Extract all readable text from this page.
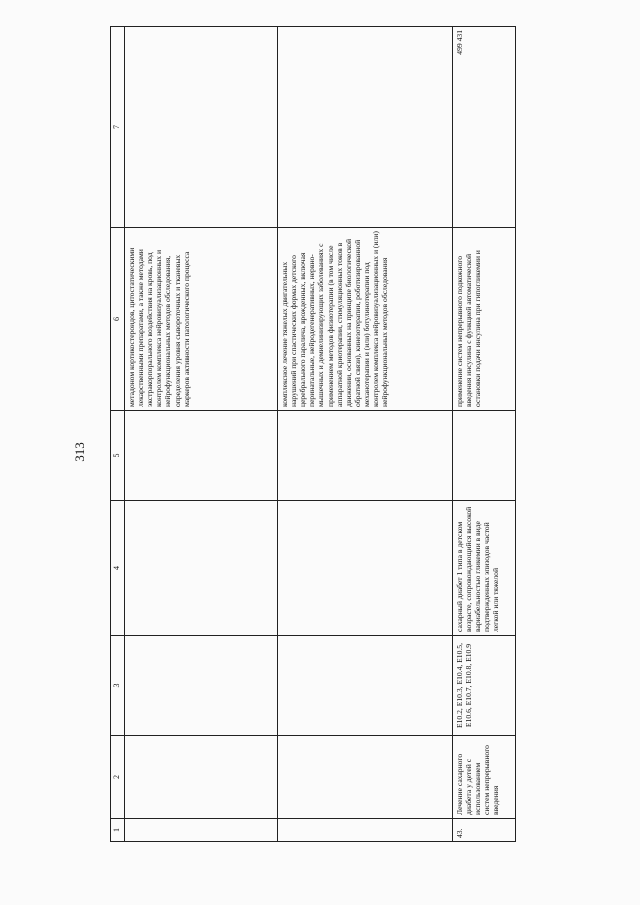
313
1	2	3	4	5	6	7
					метадоном кортикостероидов, цитостатическими лекарственными препаратами, а также методами экстракорпорального воздействия на кровь, под контролем комплекса нейровизуализационных и нейрофункциональных методов обследования, определения уровня сывороточных и тканевых маркеров активности патологического процесса	
					комплексное лечение тяжелых двигательных нарушений при спастических формах детского церебрального паралича, врожденных, включая перинатальные, нейродегенеративных, нервно-мышечных и демиелинизирующих заболеваниях с применением методов физиотерапии (в том числе аппаратной криотерапии, стимуляционных токов в движении, основанных на принципе биологической обратной связи), кинезотерапии, роботизированной механотерапии и (или) ботулинотерапии под контролем комплекса нейровизуализационных и (или) нейрофункциональных методов обследования	
43.	Лечение сахарного диабета у детей с использованием систем непрерывного введения	E10.2, E10.3, E10.4, E10.5, E10.6, E10.7, E10.8, E10.9	сахарный диабет 1 типа в детском возрасте, сопровождающийся высокой вариабельностью гликемии в виде подтвержденных эпизодов частой легкой или тяжелой		применение систем непрерывного подкожного введения инсулина с функцией автоматической остановки подачи инсулина при гипогликемии и	499 431
